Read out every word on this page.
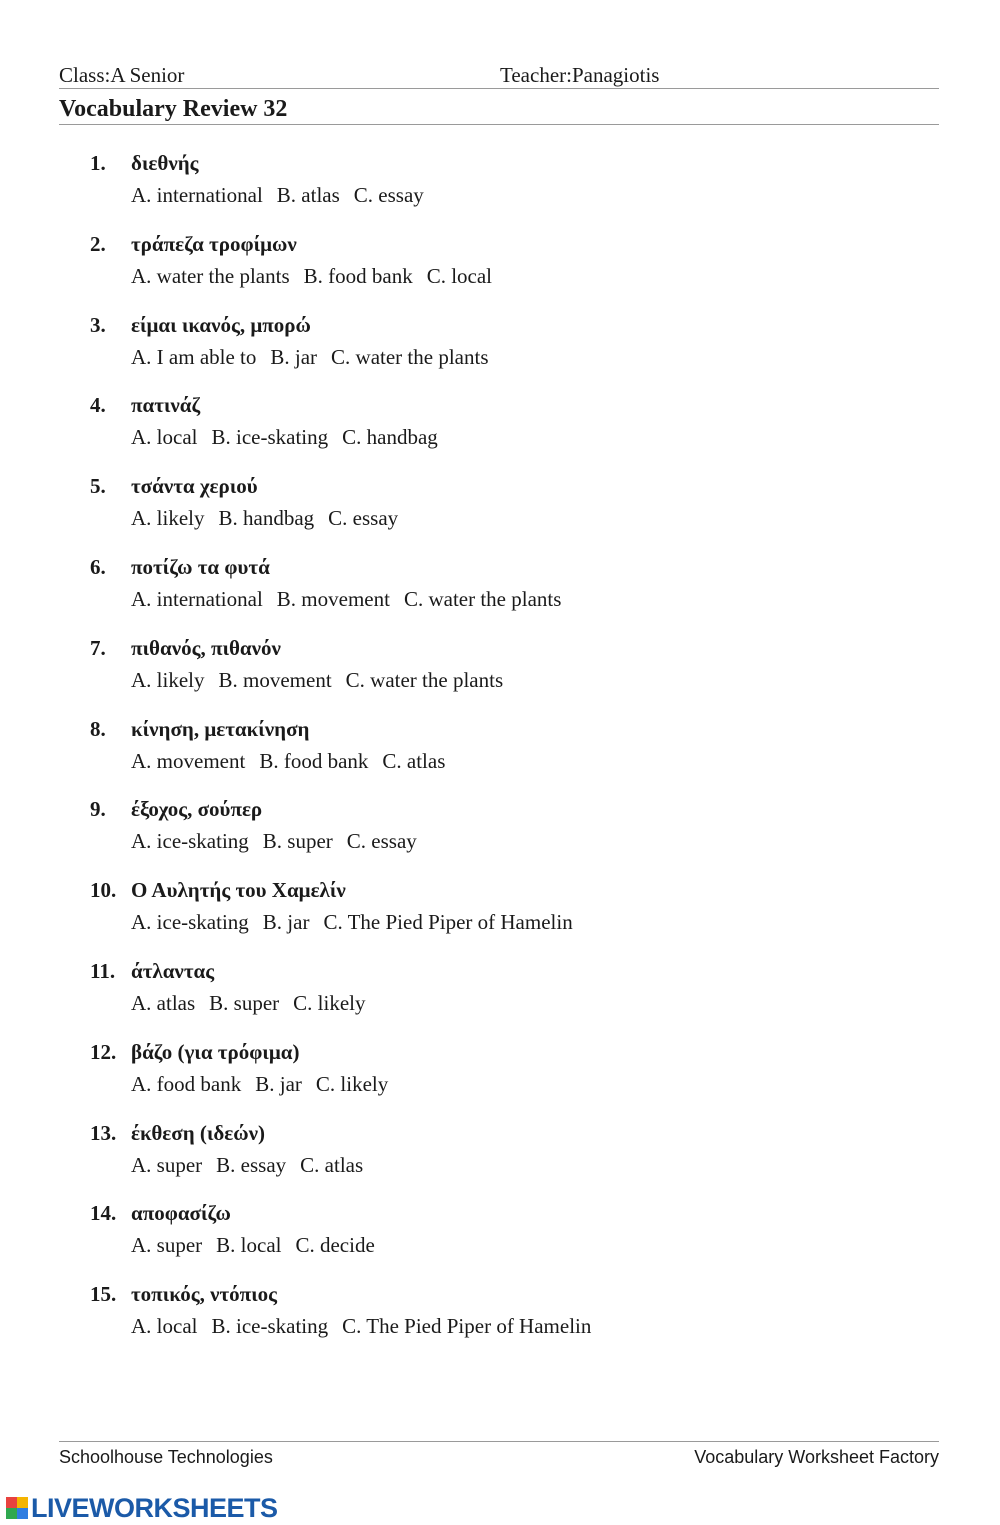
Class:A Senior	Teacher:Panagiotis
Vocabulary Review 32
1.	διεθνής
A. international B. atlas C. essay
2.	τράπεζα τροφίμων
A. water the plants B. food bank C. local
3.	είμαι ικανός, μπορώ
A. I am able to B. jar C. water the plants
4.	πατινάζ
A. local B. ice-skating C. handbag
5.	τσάντα χεριού
A. likely B. handbag C. essay
6.	ποτίζω τα φυτά
A. international B. movement C. water the plants
7.	πιθανός, πιθανόν
A. likely B. movement C. water the plants
8.	κίνηση, μετακίνηση
A. movement B. food bank C. atlas
9.	έξοχος, σούπερ
A. ice-skating B. super C. essay
10. Ο Αυλητής του Χαμελίν
A. ice-skating B. jar C. The Pied Piper of Hamelin
11. άτλαντας
A. atlas B. super C. likely
12. βάζο (για τρόφιμα)
A. food bank B. jar C. likely
13. έκθεση (ιδεών)
A. super B. essay C. atlas
14. αποφασίζω
A. super B. local C. decide
15. τοπικός, ντόπιος
A. local B. ice-skating C. The Pied Piper of Hamelin
Schoolhouse Technologies	Vocabulary Worksheet Factory
LIVEWORKSHEETS
